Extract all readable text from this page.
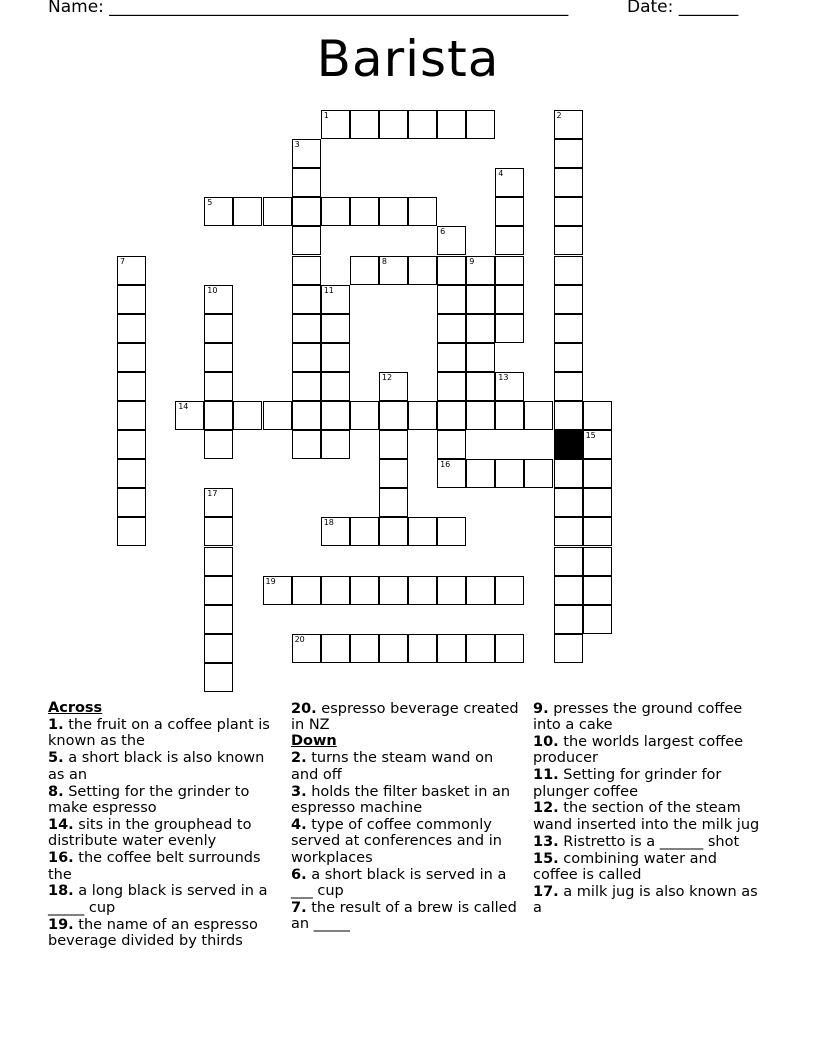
Name: ______________________________________________________	Date: _______
Barista
1	2
3
4
5
6
7	8	9
10	11
12	13
14
15
16
17
18
19
20
Across
1. the fruit on a coffee plant is known as the
5. a short black is also known as an
8. Setting for the grinder to make espresso
14. sits in the grouphead to distribute water evenly
16. the coffee belt surrounds the
18. a long black is served in a _____ cup
19. the name of an espresso beverage divided by thirds
20. espresso beverage created in NZ
Down
2. turns the steam wand on and off
3. holds the filter basket in an espresso machine
4. type of coffee commonly served at conferences and in workplaces
6. a short black is served in a ___ cup
7. the result of a brew is called an _____
9. presses the ground coffee into a cake
10. the worlds largest coffee producer
11. Setting for grinder for plunger coffee
12. the section of the steam wand inserted into the milk jug
13. Ristretto is a ______ shot
15. combining water and coffee is called
17. a milk jug is also known as a
